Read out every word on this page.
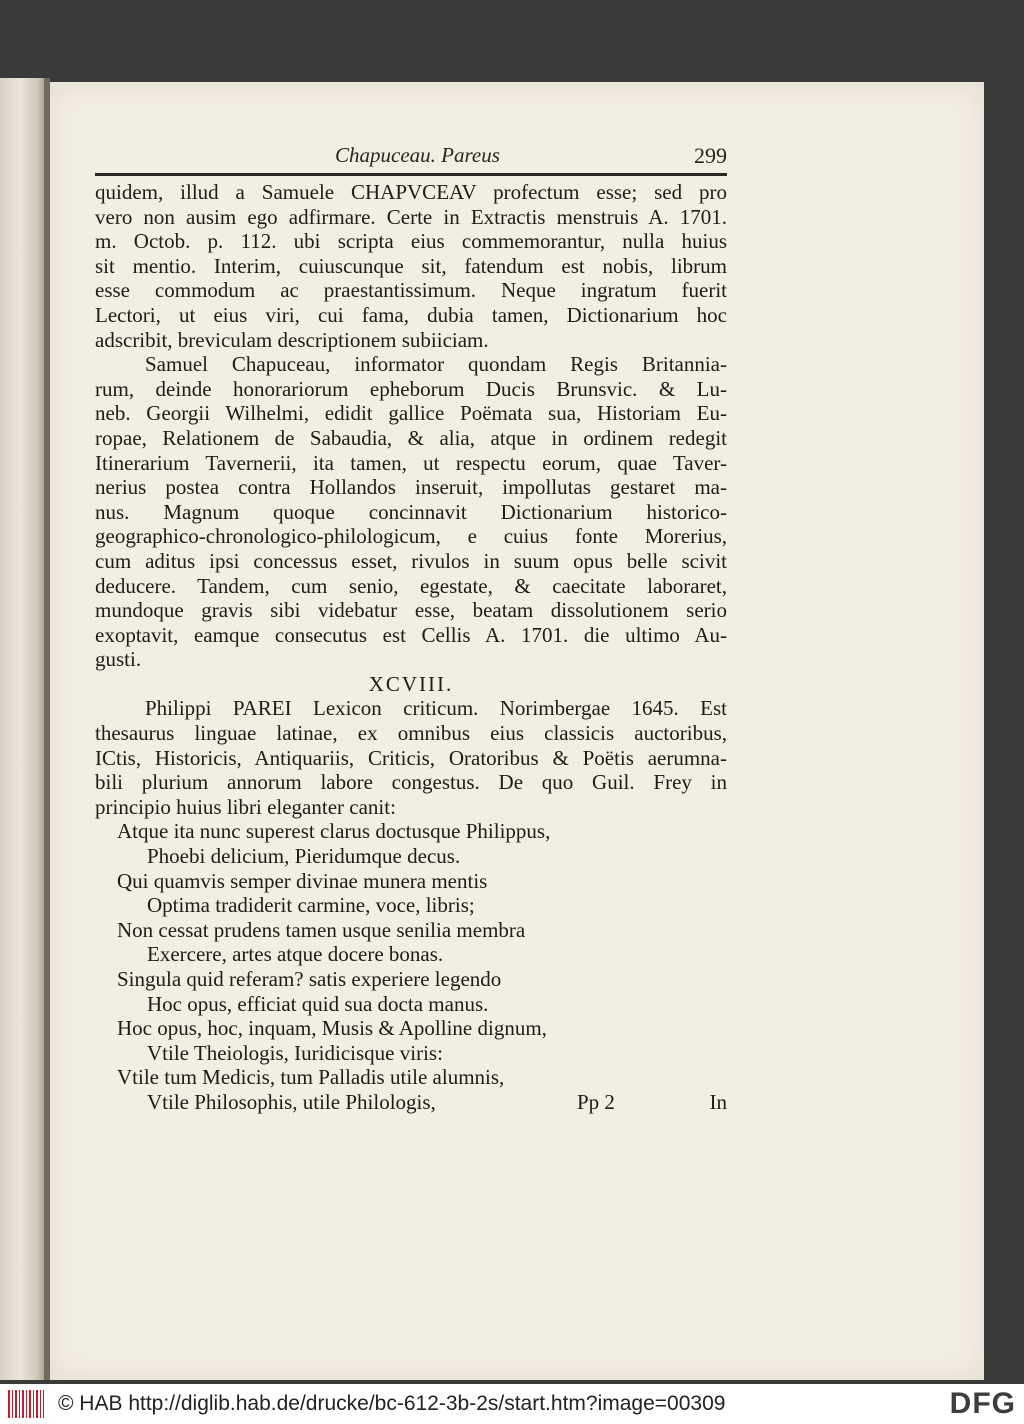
Chapuceau. Pareus	299
quidem, illud a Samuele CHAPVCEAV profectum esse; sed pro
vero non ausim ego adfirmare. Certe in Extractis menstruis A. 1701.
m. Octob. p. 112. ubi scripta eius commemorantur, nulla huius
sit mentio. Interim, cuiuscunque sit, fatendum est nobis, librum
esse commodum ac praestantissimum. Neque ingratum fuerit
Lectori, ut eius viri, cui fama, dubia tamen, Dictionarium hoc
adscribit, breviculam descriptionem subiiciam.
Samuel Chapuceau, informator quondam Regis Britannia-
rum, deinde honorariorum epheborum Ducis Brunsvic. & Lu-
neb. Georgii Wilhelmi, edidit gallice Poëmata sua, Historiam Eu-
ropae, Relationem de Sabaudia, & alia, atque in ordinem redegit
Itinerarium Tavernerii, ita tamen, ut respectu eorum, quae Taver-
nerius postea contra Hollandos inseruit, impollutas gestaret ma-
nus. Magnum quoque concinnavit Dictionarium historico-
geographico-chronologico-philologicum, e cuius fonte Morerius,
cum aditus ipsi concessus esset, rivulos in suum opus belle scivit
deducere. Tandem, cum senio, egestate, & caecitate laboraret,
mundoque gravis sibi videbatur esse, beatam dissolutionem serio
exoptavit, eamque consecutus est Cellis A. 1701. die ultimo Au-
gusti.
XCVIII.
Philippi PAREI Lexicon criticum. Norimbergae 1645. Est
thesaurus linguae latinae, ex omnibus eius classicis auctoribus,
ICtis, Historicis, Antiquariis, Criticis, Oratoribus & Poëtis aerumna-
bili plurium annorum labore congestus. De quo Guil. Frey in
principio huius libri eleganter canit:
Atque ita nunc superest clarus doctusque Philippus,
Phoebi delicium, Pieridumque decus.
Qui quamvis semper divinae munera mentis
Optima tradiderit carmine, voce, libris;
Non cessat prudens tamen usque senilia membra
Exercere, artes atque docere bonas.
Singula quid referam? satis experiere legendo
Hoc opus, efficiat quid sua docta manus.
Hoc opus, hoc, inquam, Musis & Apolline dignum,
Vtile Theiologis, Iuridicisque viris:
Vtile tum Medicis, tum Palladis utile alumnis,
Vtile Philosophis, utile Philologis,	Pp 2	In
© HAB http://diglib.hab.de/drucke/bc-612-3b-2s/start.htm?image=00309	DFG
